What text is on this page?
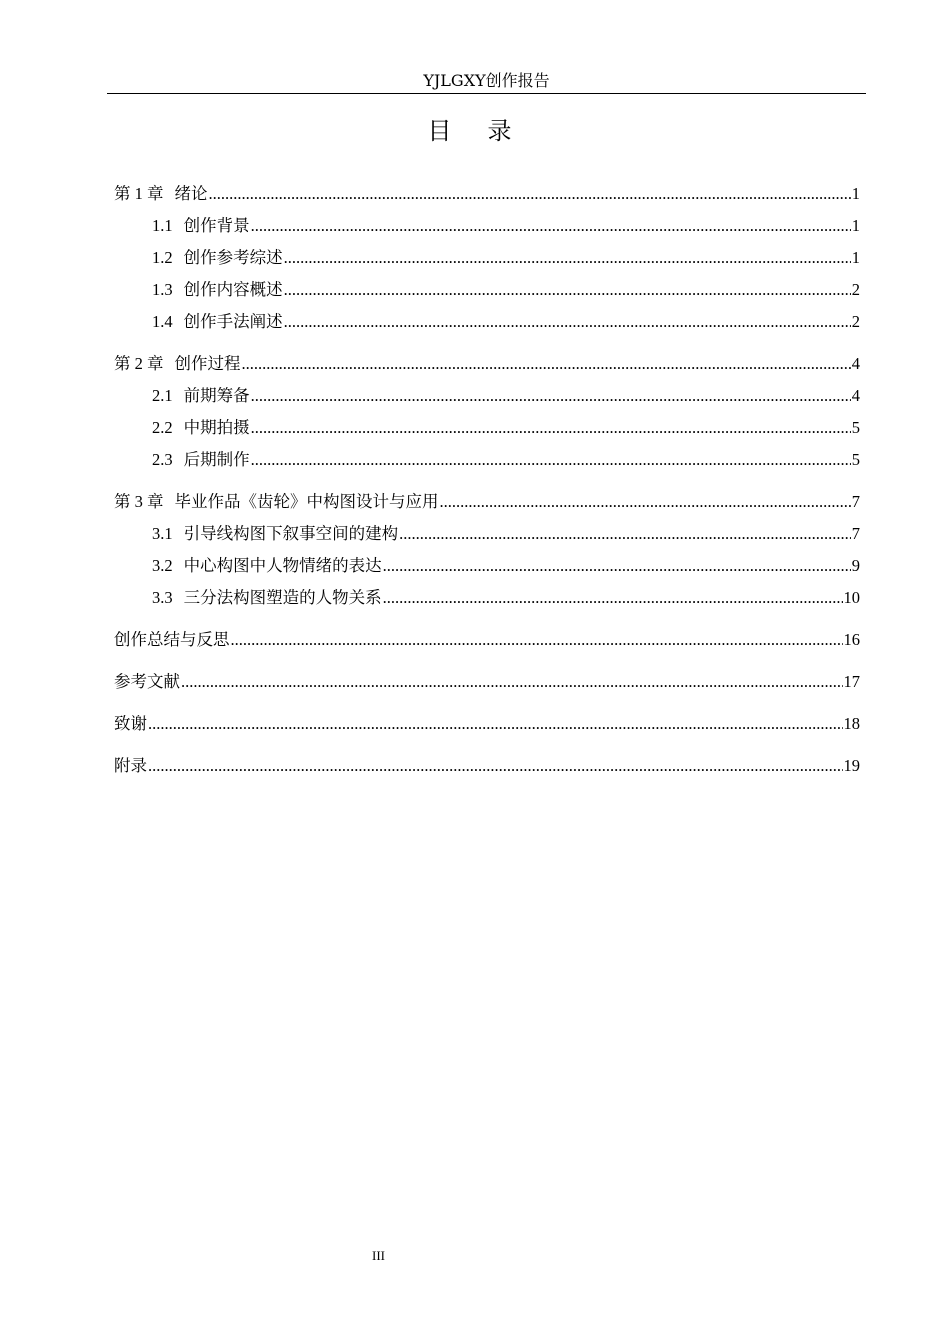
YJLGXY创作报告
目录
第 1 章 绪论 .....	1
1.1 创作背景 .....	1
1.2 创作参考综述 .....	1
1.3 创作内容概述 .....	2
1.4 创作手法阐述 .....	2
第 2 章 创作过程 .....	4
2.1 前期筹备 .....	4
2.2 中期拍摄 .....	5
2.3 后期制作 .....	5
第 3 章 毕业作品《齿轮》中构图设计与应用 .....	7
3.1 引导线构图下叙事空间的建构 .....	7
3.2 中心构图中人物情绪的表达 .....	9
3.3 三分法构图塑造的人物关系 .....	10
创作总结与反思 .....	16
参考文献 .....	17
致谢 .....	18
附录 .....	19
III
